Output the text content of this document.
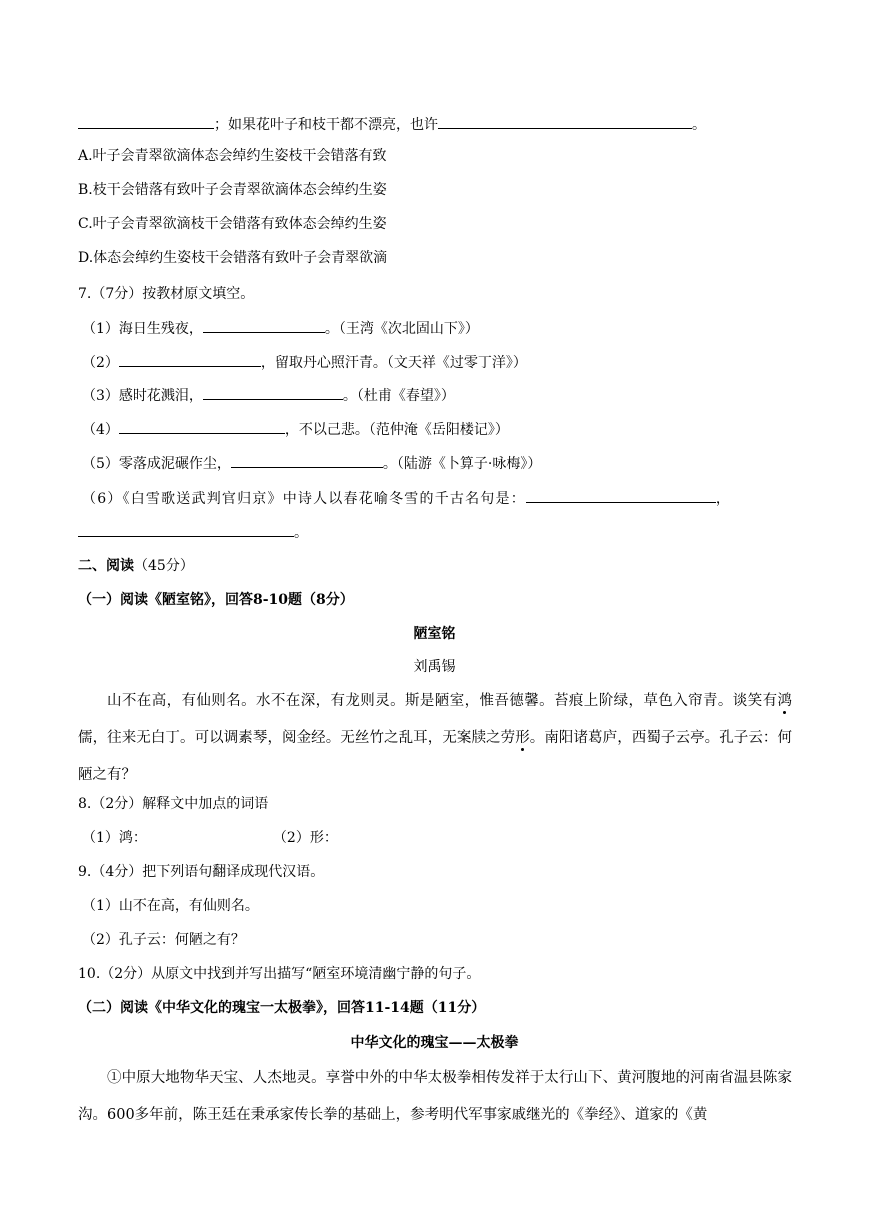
；如果花叶子和枝干都不漂亮，也许	。
A.叶子会青翠欲滴体态会绰约生姿枝干会错落有致
B.枝干会错落有致叶子会青翠欲滴体态会绰约生姿
C.叶子会青翠欲滴枝干会错落有致体态会绰约生姿
D.体态会绰约生姿枝干会错落有致叶子会青翠欲滴
7.（7分）按教材原文填空。
（1）海日生残夜，	。（王湾《次北固山下》）
（2）	，留取丹心照汗青。（文天祥《过零丁洋》）
（3）感时花溅泪，	。（杜甫《春望》）
（4）	，不以己悲。（范仲淹《岳阳楼记》）
（5）零落成泥碾作尘，	。（陆游《卜算子·咏梅》）
（6）《白雪歌送武判官归京》中诗人以春花喻冬雪的千古名句是：	，
。
二、阅读（45分）
（一）阅读《陋室铭》，回答8-10题（8分）
陋室铭
刘禹锡
山不在高，有仙则名。水不在深，有龙则灵。斯是陋室，惟吾德馨。苔痕上阶绿，草色入帘青。谈笑有鸿儒，往来无白丁。可以调素琴，阅金经。无丝竹之乱耳，无案牍之劳形。南阳诸葛庐，西蜀子云亭。孔子云：何陋之有？
8.（2分）解释文中加点的词语
（1）鸿：	（2）形：
9.（4分）把下列语句翻译成现代汉语。
（1）山不在高，有仙则名。
（2）孔子云：何陋之有？
10.（2分）从原文中找到并写出描写“陋室环境清幽宁静的句子。
（二）阅读《中华文化的瑰宝一太极拳》，回答11-14题（11分）
中华文化的瑰宝——太极拳
①中原大地物华天宝、人杰地灵。享誉中外的中华太极拳相传发祥于太行山下、黄河腹地的河南省温县陈家沟。600多年前，陈王廷在秉承家传长拳的基础上，参考明代军事家戚继光的《拳经》、道家的《黄
